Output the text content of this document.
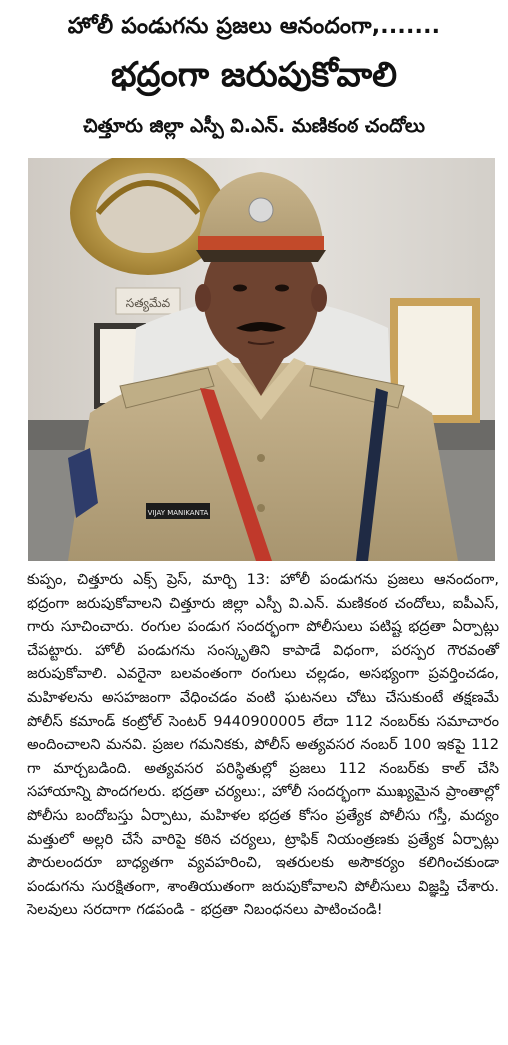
హోలీ పండుగను ప్రజలు ఆనందంగా,.......
భద్రంగా జరుపుకోవాలి
చిత్తూరు జిల్లా ఎస్పీ వి.ఎన్. మణికంఠ చందోలు
సత్యమేవ
VIJAY MANIKANTA
కుప్పం, చిత్తూరు ఎక్స్ ప్రెస్, మార్చి 13: హోలీ పండుగను ప్రజలు ఆనందంగా, భద్రంగా జరుపుకోవాలని చిత్తూరు జిల్లా ఎస్పీ వి.ఎన్. మణికంఠ చందోలు, ఐపీఎస్, గారు సూచించారు. రంగుల పండుగ సందర్భంగా పోలీసులు పటిష్ట భద్రతా ఏర్పాట్లు చేపట్టారు. హోలీ పండుగను సంస్కృతిని కాపాడే విధంగా, పరస్పర గౌరవంతో జరుపుకోవాలి. ఎవరైనా బలవంతంగా రంగులు చల్లడం, అసభ్యంగా ప్రవర్తించడం, మహిళలను అసహజంగా వేధించడం వంటి ఘటనలు చోటు చేసుకుంటే తక్షణమే పోలీస్ కమాండ్ కంట్రోల్ సెంటర్ 9440900005 లేదా 112 నంబర్‌కు సమాచారం అందించాలని మనవి. ప్రజల గమనికకు, పోలీస్ అత్యవసర నంబర్ 100 ఇకపై 112 గా మార్చబడింది. అత్యవసర పరిస్థితుల్లో ప్రజలు 112 నంబర్‌కు కాల్ చేసి సహాయాన్ని పొందగలరు. భద్రతా చర్యలు:, హోలీ సందర్భంగా ముఖ్యమైన ప్రాంతాల్లో పోలీసు బందోబస్తు ఏర్పాటు, మహిళల భద్రత కోసం ప్రత్యేక పోలీసు గస్తీ, మద్యం మత్తులో అల్లరి చేసే వారిపై కఠిన చర్యలు, ట్రాఫిక్ నియంత్రణకు ప్రత్యేక ఏర్పాట్లు పౌరులందరూ బాధ్యతగా వ్యవహరించి, ఇతరులకు అసౌకర్యం కలిగించకుండా పండుగను సురక్షితంగా, శాంతియుతంగా జరుపుకోవాలని పోలీసులు విజ్ఞప్తి చేశారు. సెలవులు సరదాగా గడపండి - భద్రతా నిబంధనలు పాటించండి!
